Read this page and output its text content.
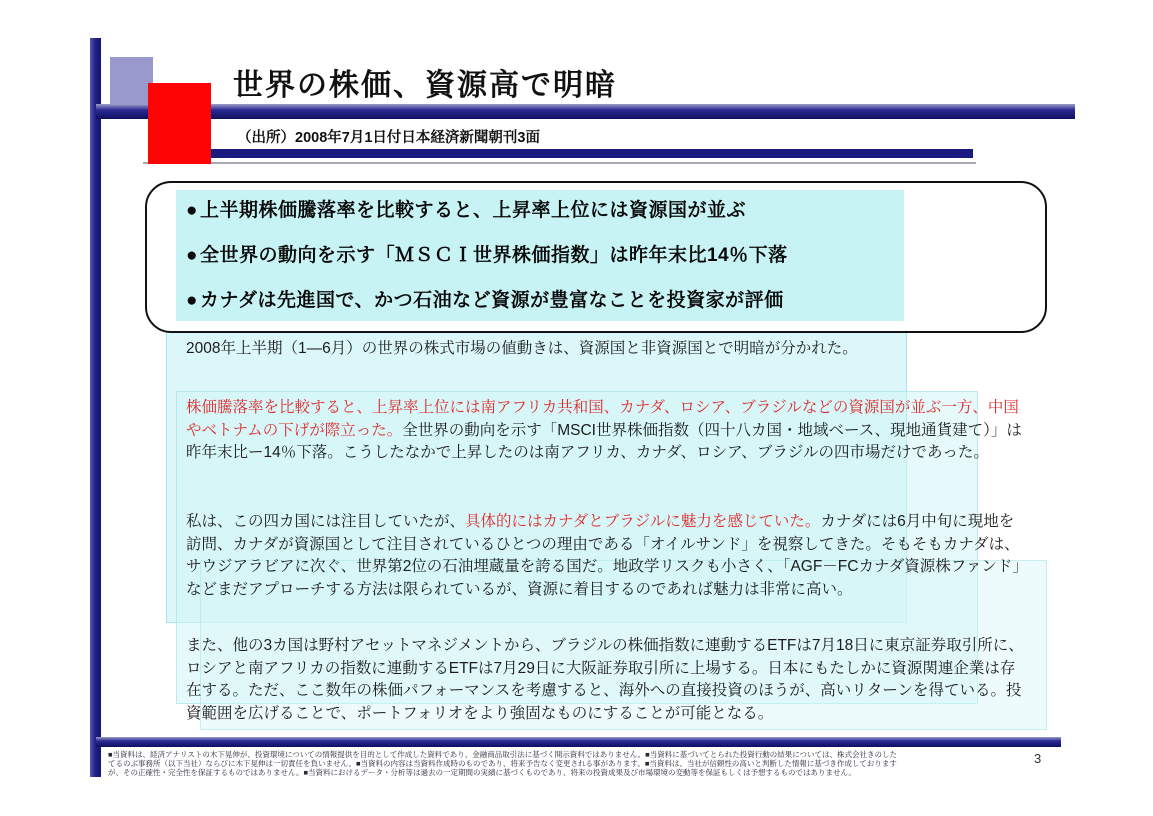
世界の株価、資源高で明暗
（出所）2008年7月1日付日本経済新聞朝刊3面
● 上半期株価騰落率を比較すると、上昇率上位には資源国が並ぶ
● 全世界の動向を示す「ＭＳＣＩ世界株価指数」は昨年末比14％下落
● カナダは先進国で、かつ石油など資源が豊富なことを投資家が評価
2008年上半期（1—6月）の世界の株式市場の値動きは、資源国と非資源国とで明暗が分かれた。
株価騰落率を比較すると、上昇率上位には南アフリカ共和国、カナダ、ロシア、ブラジルなどの資源国が並ぶ一方、中国やベトナムの下げが際立った。全世界の動向を示す「MSCI世界株価指数（四十八カ国・地域ベース、現地通貨建て）」は昨年末比ー14％下落。こうしたなかで上昇したのは南アフリカ、カナダ、ロシア、ブラジルの四市場だけであった。
私は、この四カ国には注目していたが、具体的にはカナダとブラジルに魅力を感じていた。カナダには6月中旬に現地を訪問、カナダが資源国として注目されているひとつの理由である「オイルサンド」を視察してきた。そもそもカナダは、サウジアラビアに次ぐ、世界第2位の石油埋蔵量を誇る国だ。地政学リスクも小さく、「AGF－FCカナダ資源株ファンド」などまだアプローチする方法は限られているが、資源に着目するのであれば魅力は非常に高い。
また、他の3カ国は野村アセットマネジメントから、ブラジルの株価指数に連動するETFは7月18日に東京証券取引所に、ロシアと南アフリカの指数に連動するETFは7月29日に大阪証券取引所に上場する。日本にもたしかに資源関連企業は存在する。ただ、ここ数年の株価パフォーマンスを考慮すると、海外への直接投資のほうが、高いリターンを得ている。投資範囲を広げることで、ポートフォリオをより強固なものにすることが可能となる。
■当資料は、経済アナリストの木下晃伸が、投資環境についての情報提供を目的として作成した資料であり、金融商品取引法に基づく開示資料ではありません。■当資料に基づいてとられた投資行動の結果については、株式会社きのした
てるのぶ事務所（以下当社）ならびに木下晃伸は一切責任を負いません。■当資料の内容は当資料作成時のものであり、将来予告なく変更される事があります。■当資料は、当社が信頼性の高いと判断した情報に基づき作成しております
が、その正確性・完全性を保証するものではありません。■当資料におけるデータ・分析等は過去の一定期間の実績に基づくものであり、将来の投資成果及び市場環境の変動等を保証もしくは予想するものではありません。
3
